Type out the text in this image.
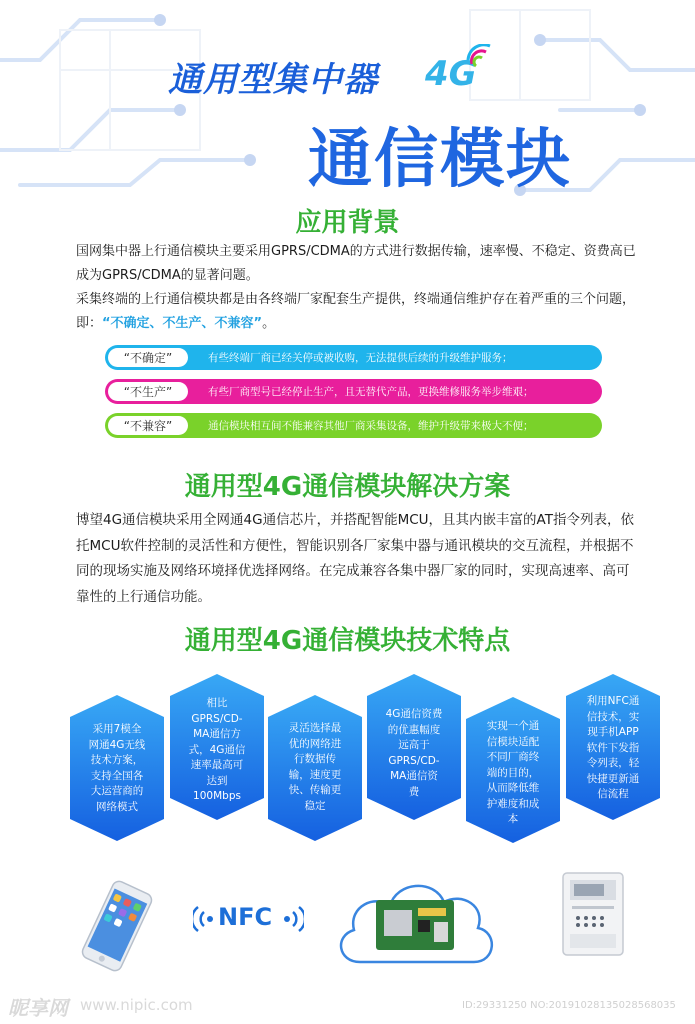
通用型集中器 4G
通信模块
应用背景
国网集中器上行通信模块主要采用GPRS/CDMA的方式进行数据传输，速率慢、不稳定、资费高已成为GPRS/CDMA的显著问题。
采集终端的上行通信模块都是由各终端厂家配套生产提供，终端通信维护存在着严重的三个问题，即：“不确定、不生产、不兼容”。
“不确定”	有些终端厂商已经关停或被收购，无法提供后续的升级维护服务；
“不生产”	有些厂商型号已经停止生产，且无替代产品，更换维修服务举步维艰；
“不兼容”	通信模块相互间不能兼容其他厂商采集设备，维护升级带来极大不便；
通用型4G通信模块解决方案
博望4G通信模块采用全网通4G通信芯片，并搭配智能MCU，且其内嵌丰富的AT指令列表，依托MCU软件控制的灵活性和方便性，智能识别各厂家集中器与通讯模块的交互流程，并根据不同的现场实施及网络环境择优选择网络。在完成兼容各集中器厂家的同时，实现高速率、高可靠性的上行通信功能。
通用型4G通信模块技术特点
采用7模全
网通4G无线
技术方案，
支持全国各
大运营商的
网络模式
相比
GPRS/CD-
MA通信方
式，4G通信
速率最高可
达到
100Mbps
灵活选择最
优的网络进
行数据传
输，速度更
快、传输更
稳定
4G通信资费
的优惠幅度
远高于
GPRS/CD-
MA通信资
费
实现一个通
信模块适配
不同厂商终
端的目的，
从而降低维
护难度和成
本
利用NFC通
信技术，实
现手机APP
软件下发指
令列表，轻
快捷更新通
信流程
NFC
昵享网 www.nipic.com	ID:29331250 NO:20191028135028568035
